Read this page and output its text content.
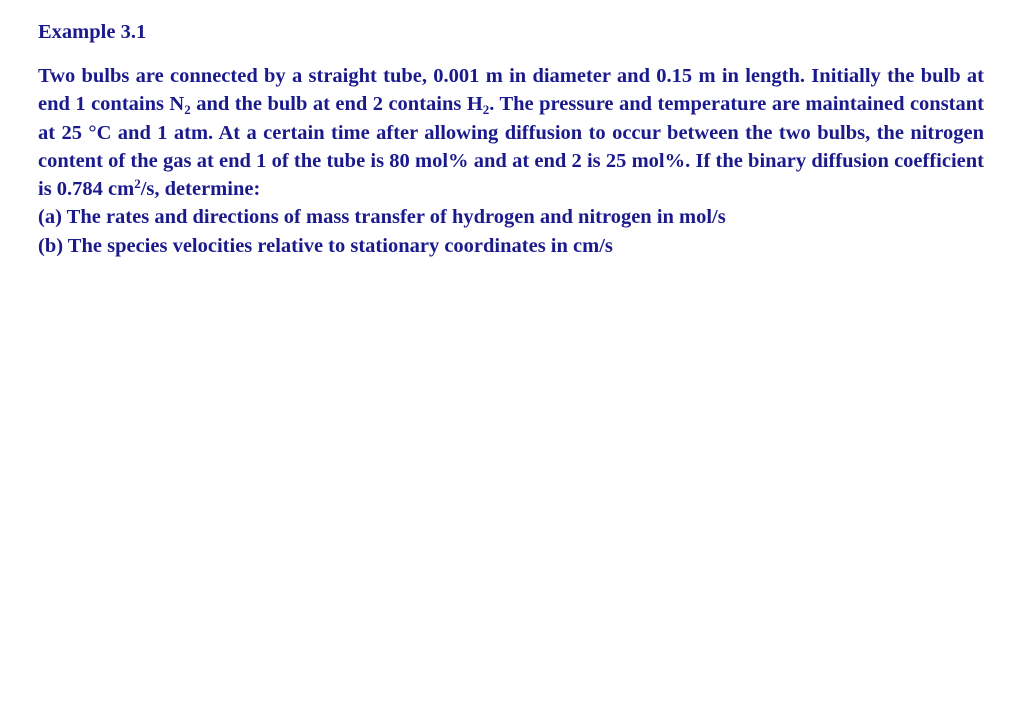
Example 3.1

Two bulbs are connected by a straight tube, 0.001 m in diameter and 0.15 m in length. Initially the bulb at end 1 contains $N_2$ and the bulb at end 2 contains $H_2$. The pressure and temperature are maintained constant at 25 °C and 1 atm. At a certain time after allowing diffusion to occur between the two bulbs, the nitrogen content of the gas at end 1 of the tube is 80 mol% and at end 2 is 25 mol%. If the binary diffusion coefficient is 0.784 $cm^2/s$, determine:

(a) The rates and directions of mass transfer of hydrogen and nitrogen in mol/s

(b) The species velocities relative to stationary coordinates in cm/s
